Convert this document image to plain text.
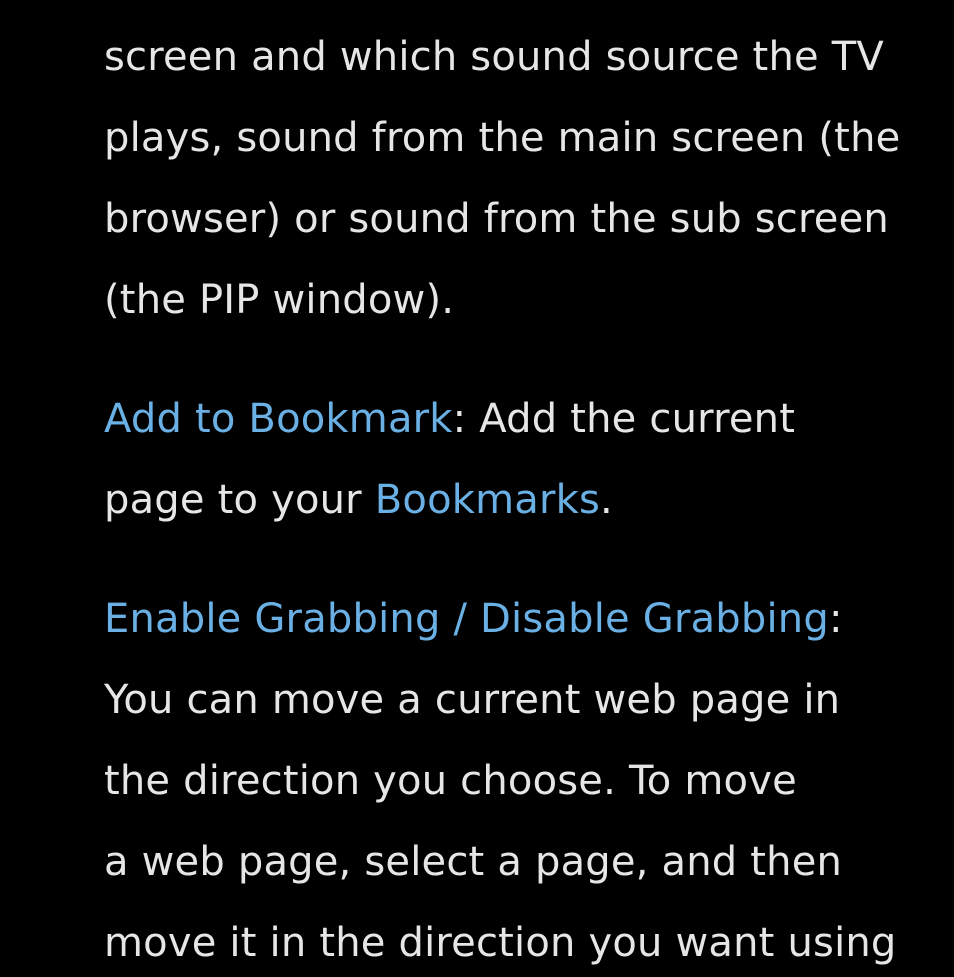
screen and which sound source the TV
plays, sound from the main screen (the
browser) or sound from the sub screen
(the PIP window).
Add to Bookmark: Add the current
page to your Bookmarks.
Enable Grabbing / Disable Grabbing:
You can move a current web page in
the direction you choose. To move
a web page, select a page, and then
move it in the direction you want using
